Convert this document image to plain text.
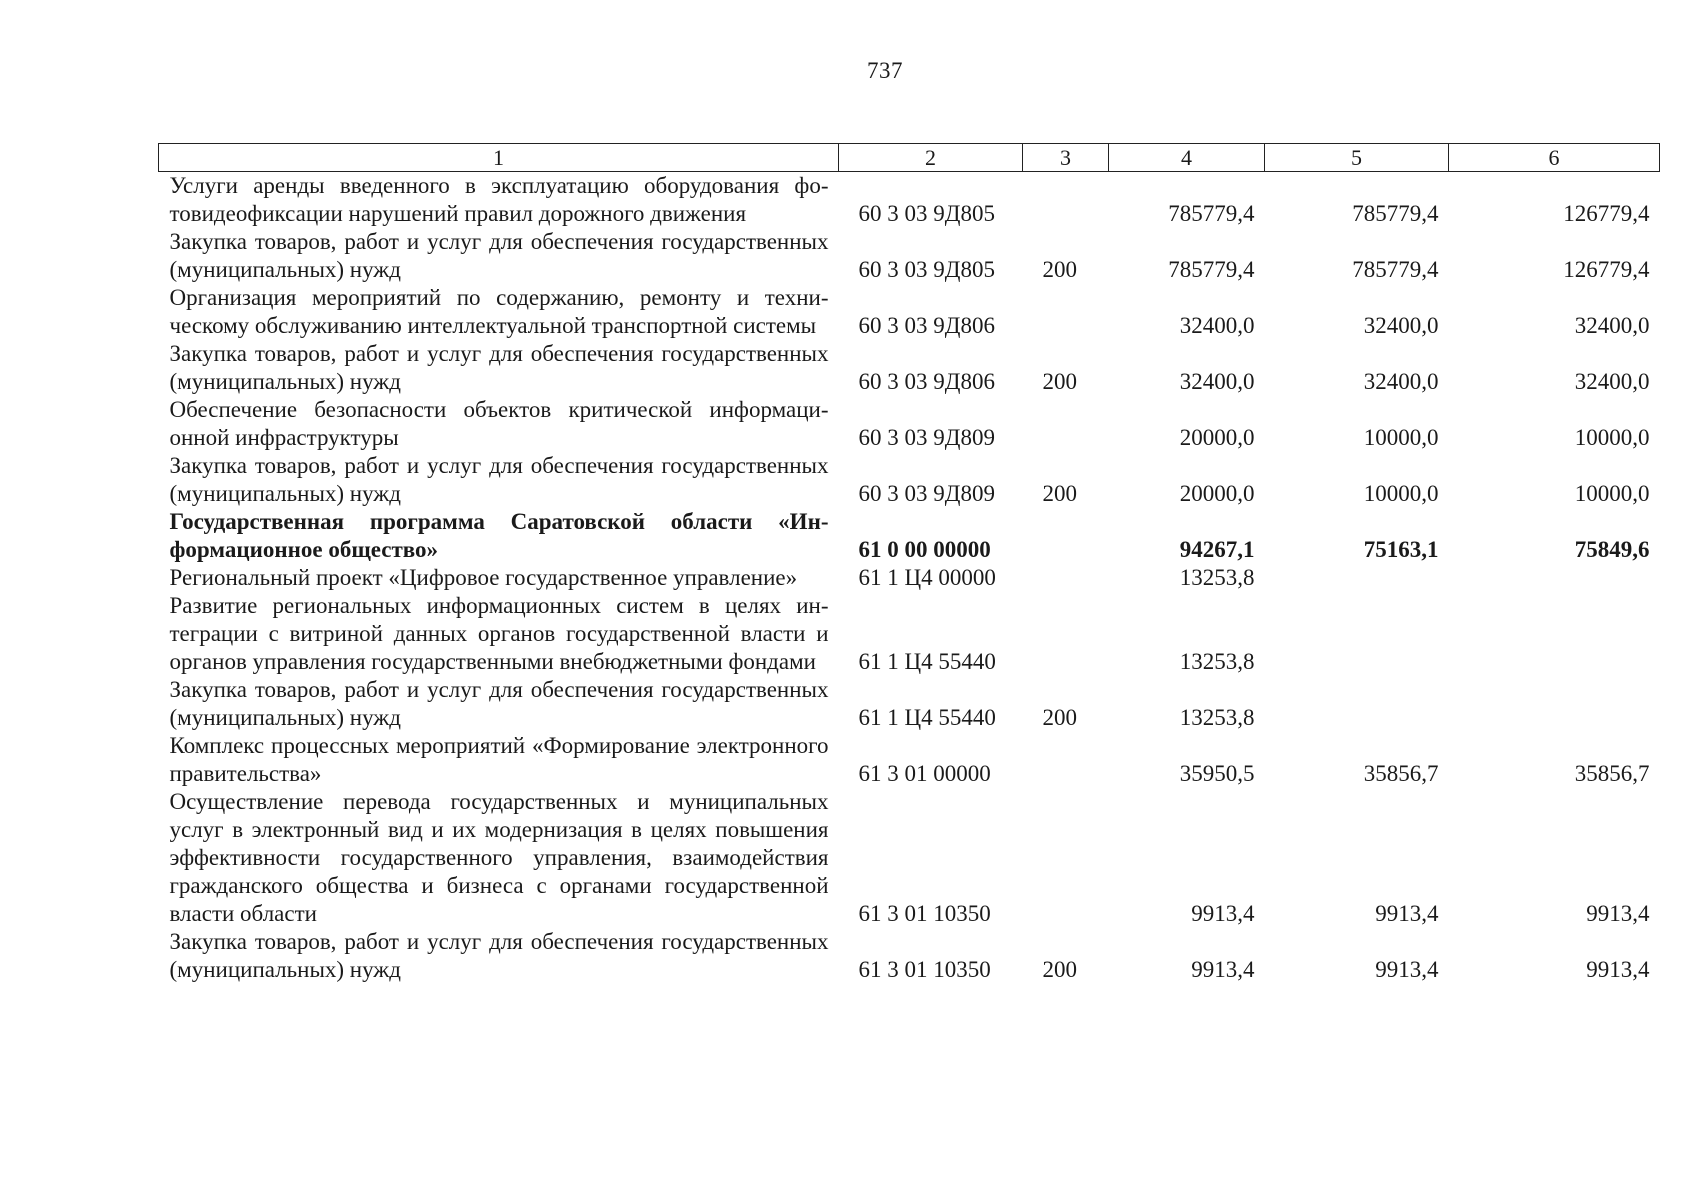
737
1	2	3	4	5	6
Услуги аренды введенного в эксплуатацию оборудования фотовидеофиксации нарушений правил дорожного движения	60 3 03 9Д805		785779,4	785779,4	126779,4
Закупка товаров, работ и услуг для обеспечения государственных (муниципальных) нужд	60 3 03 9Д805	200	785779,4	785779,4	126779,4
Организация мероприятий по содержанию, ремонту и техническому обслуживанию интеллектуальной транспортной системы	60 3 03 9Д806		32400,0	32400,0	32400,0
Закупка товаров, работ и услуг для обеспечения государственных (муниципальных) нужд	60 3 03 9Д806	200	32400,0	32400,0	32400,0
Обеспечение безопасности объектов критической информационной инфраструктуры	60 3 03 9Д809		20000,0	10000,0	10000,0
Закупка товаров, работ и услуг для обеспечения государственных (муниципальных) нужд	60 3 03 9Д809	200	20000,0	10000,0	10000,0
Государственная программа Саратовской области «Информационное общество»	61 0 00 00000		94267,1	75163,1	75849,6
Региональный проект «Цифровое государственное управление»	61 1 Ц4 00000		13253,8		
Развитие региональных информационных систем в целях интеграции с витриной данных органов государственной власти и органов управления государственными внебюджетными фондами	61 1 Ц4 55440		13253,8		
Закупка товаров, работ и услуг для обеспечения государственных (муниципальных) нужд	61 1 Ц4 55440	200	13253,8		
Комплекс процессных мероприятий «Формирование электронного правительства»	61 3 01 00000		35950,5	35856,7	35856,7
Осуществление перевода государственных и муниципальных услуг в электронный вид и их модернизация в целях повышения эффективности государственного управления, взаимодействия гражданского общества и бизнеса с органами государственной власти области	61 3 01 10350		9913,4	9913,4	9913,4
Закупка товаров, работ и услуг для обеспечения государственных (муниципальных) нужд	61 3 01 10350	200	9913,4	9913,4	9913,4
